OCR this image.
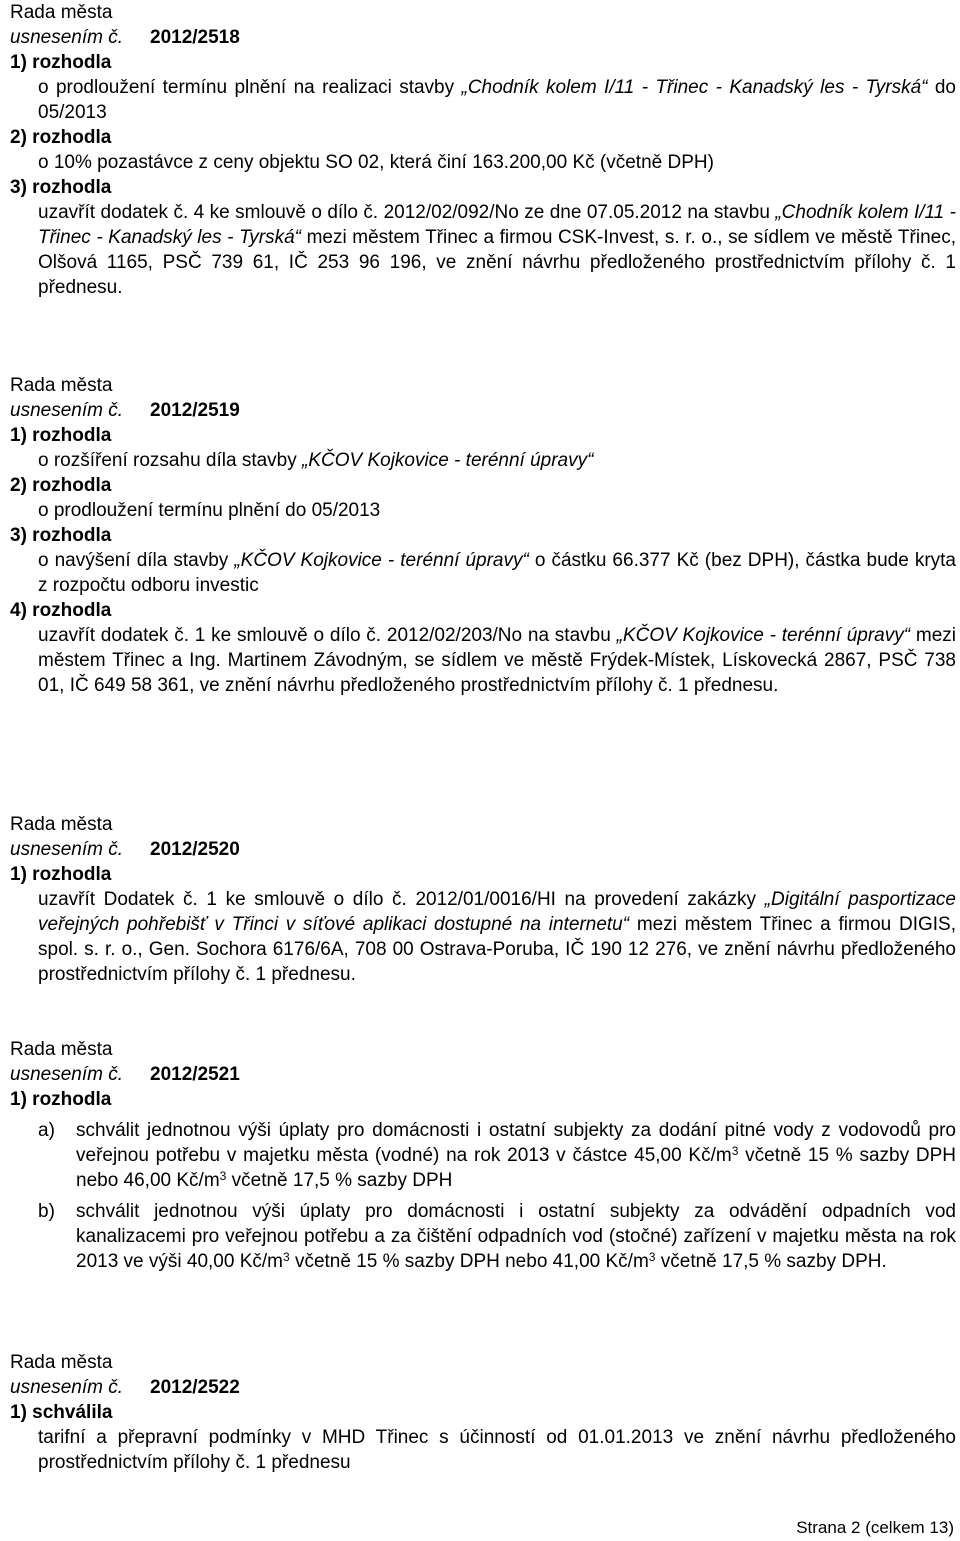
Rada města
usnesením č. 2012/2518
1) rozhodla
o prodloužení termínu plnění na realizaci stavby „Chodník kolem I/11 - Třinec - Kanadský les - Tyrská“ do 05/2013
2) rozhodla
o 10% pozastávce z ceny objektu SO 02, která činí 163.200,00 Kč (včetně DPH)
3) rozhodla
uzavřít dodatek č. 4 ke smlouvě o dílo č. 2012/02/092/No ze dne 07.05.2012 na stavbu „Chodník kolem I/11 - Třinec - Kanadský les - Tyrská“ mezi městem Třinec a firmou CSK-Invest, s. r. o., se sídlem ve městě Třinec, Olšová 1165, PSČ 739 61, IČ 253 96 196, ve znění návrhu předloženého prostřednictvím přílohy č. 1 přednesu.
Rada města
usnesením č. 2012/2519
1) rozhodla
o rozšíření rozsahu díla stavby „KČOV Kojkovice - terénní úpravy“
2) rozhodla
o prodloužení termínu plnění do 05/2013
3) rozhodla
o navýšení díla stavby „KČOV Kojkovice - terénní úpravy“ o částku 66.377 Kč (bez DPH), částka bude kryta z rozpočtu odboru investic
4) rozhodla
uzavřít dodatek č. 1 ke smlouvě o dílo č. 2012/02/203/No na stavbu „KČOV Kojkovice - terénní úpravy“ mezi městem Třinec a Ing. Martinem Závodným, se sídlem ve městě Frýdek-Místek, Lískovecká 2867, PSČ 738 01, IČ 649 58 361, ve znění návrhu předloženého prostřednictvím přílohy č. 1 přednesu.
Rada města
usnesením č. 2012/2520
1) rozhodla
uzavřít Dodatek č. 1 ke smlouvě o dílo č. 2012/01/0016/HI na provedení zakázky „Digitální pasportizace veřejných pohřebišť v Třinci v síťové aplikaci dostupné na internetu“ mezi městem Třinec a firmou DIGIS, spol. s. r. o., Gen. Sochora 6176/6A, 708 00 Ostrava-Poruba, IČ 190 12 276, ve znění návrhu předloženého prostřednictvím přílohy č. 1 přednesu.
Rada města
usnesením č. 2012/2521
1) rozhodla
a)	schválit jednotnou výši úplaty pro domácnosti i ostatní subjekty za dodání pitné vody z vodovodů pro veřejnou potřebu v majetku města (vodné) na rok 2013 v částce 45,00 $Kč/m^3$ včetně 15 % sazby DPH nebo 46,00 $Kč/m^3$ včetně 17,5 % sazby DPH
b)	schválit jednotnou výši úplaty pro domácnosti i ostatní subjekty za odvádění odpadních vod kanalizacemi pro veřejnou potřebu a za čištění odpadních vod (stočné) zařízení v majetku města na rok 2013 ve výši 40,00 $Kč/m^3$ včetně 15 % sazby DPH nebo 41,00 $Kč/m^3$ včetně 17,5 % sazby DPH.
Rada města
usnesením č. 2012/2522
1) schválila
tarifní a přepravní podmínky v MHD Třinec s účinností od 01.01.2013 ve znění návrhu předloženého prostřednictvím přílohy č. 1 přednesu
Strana 2 (celkem 13)
